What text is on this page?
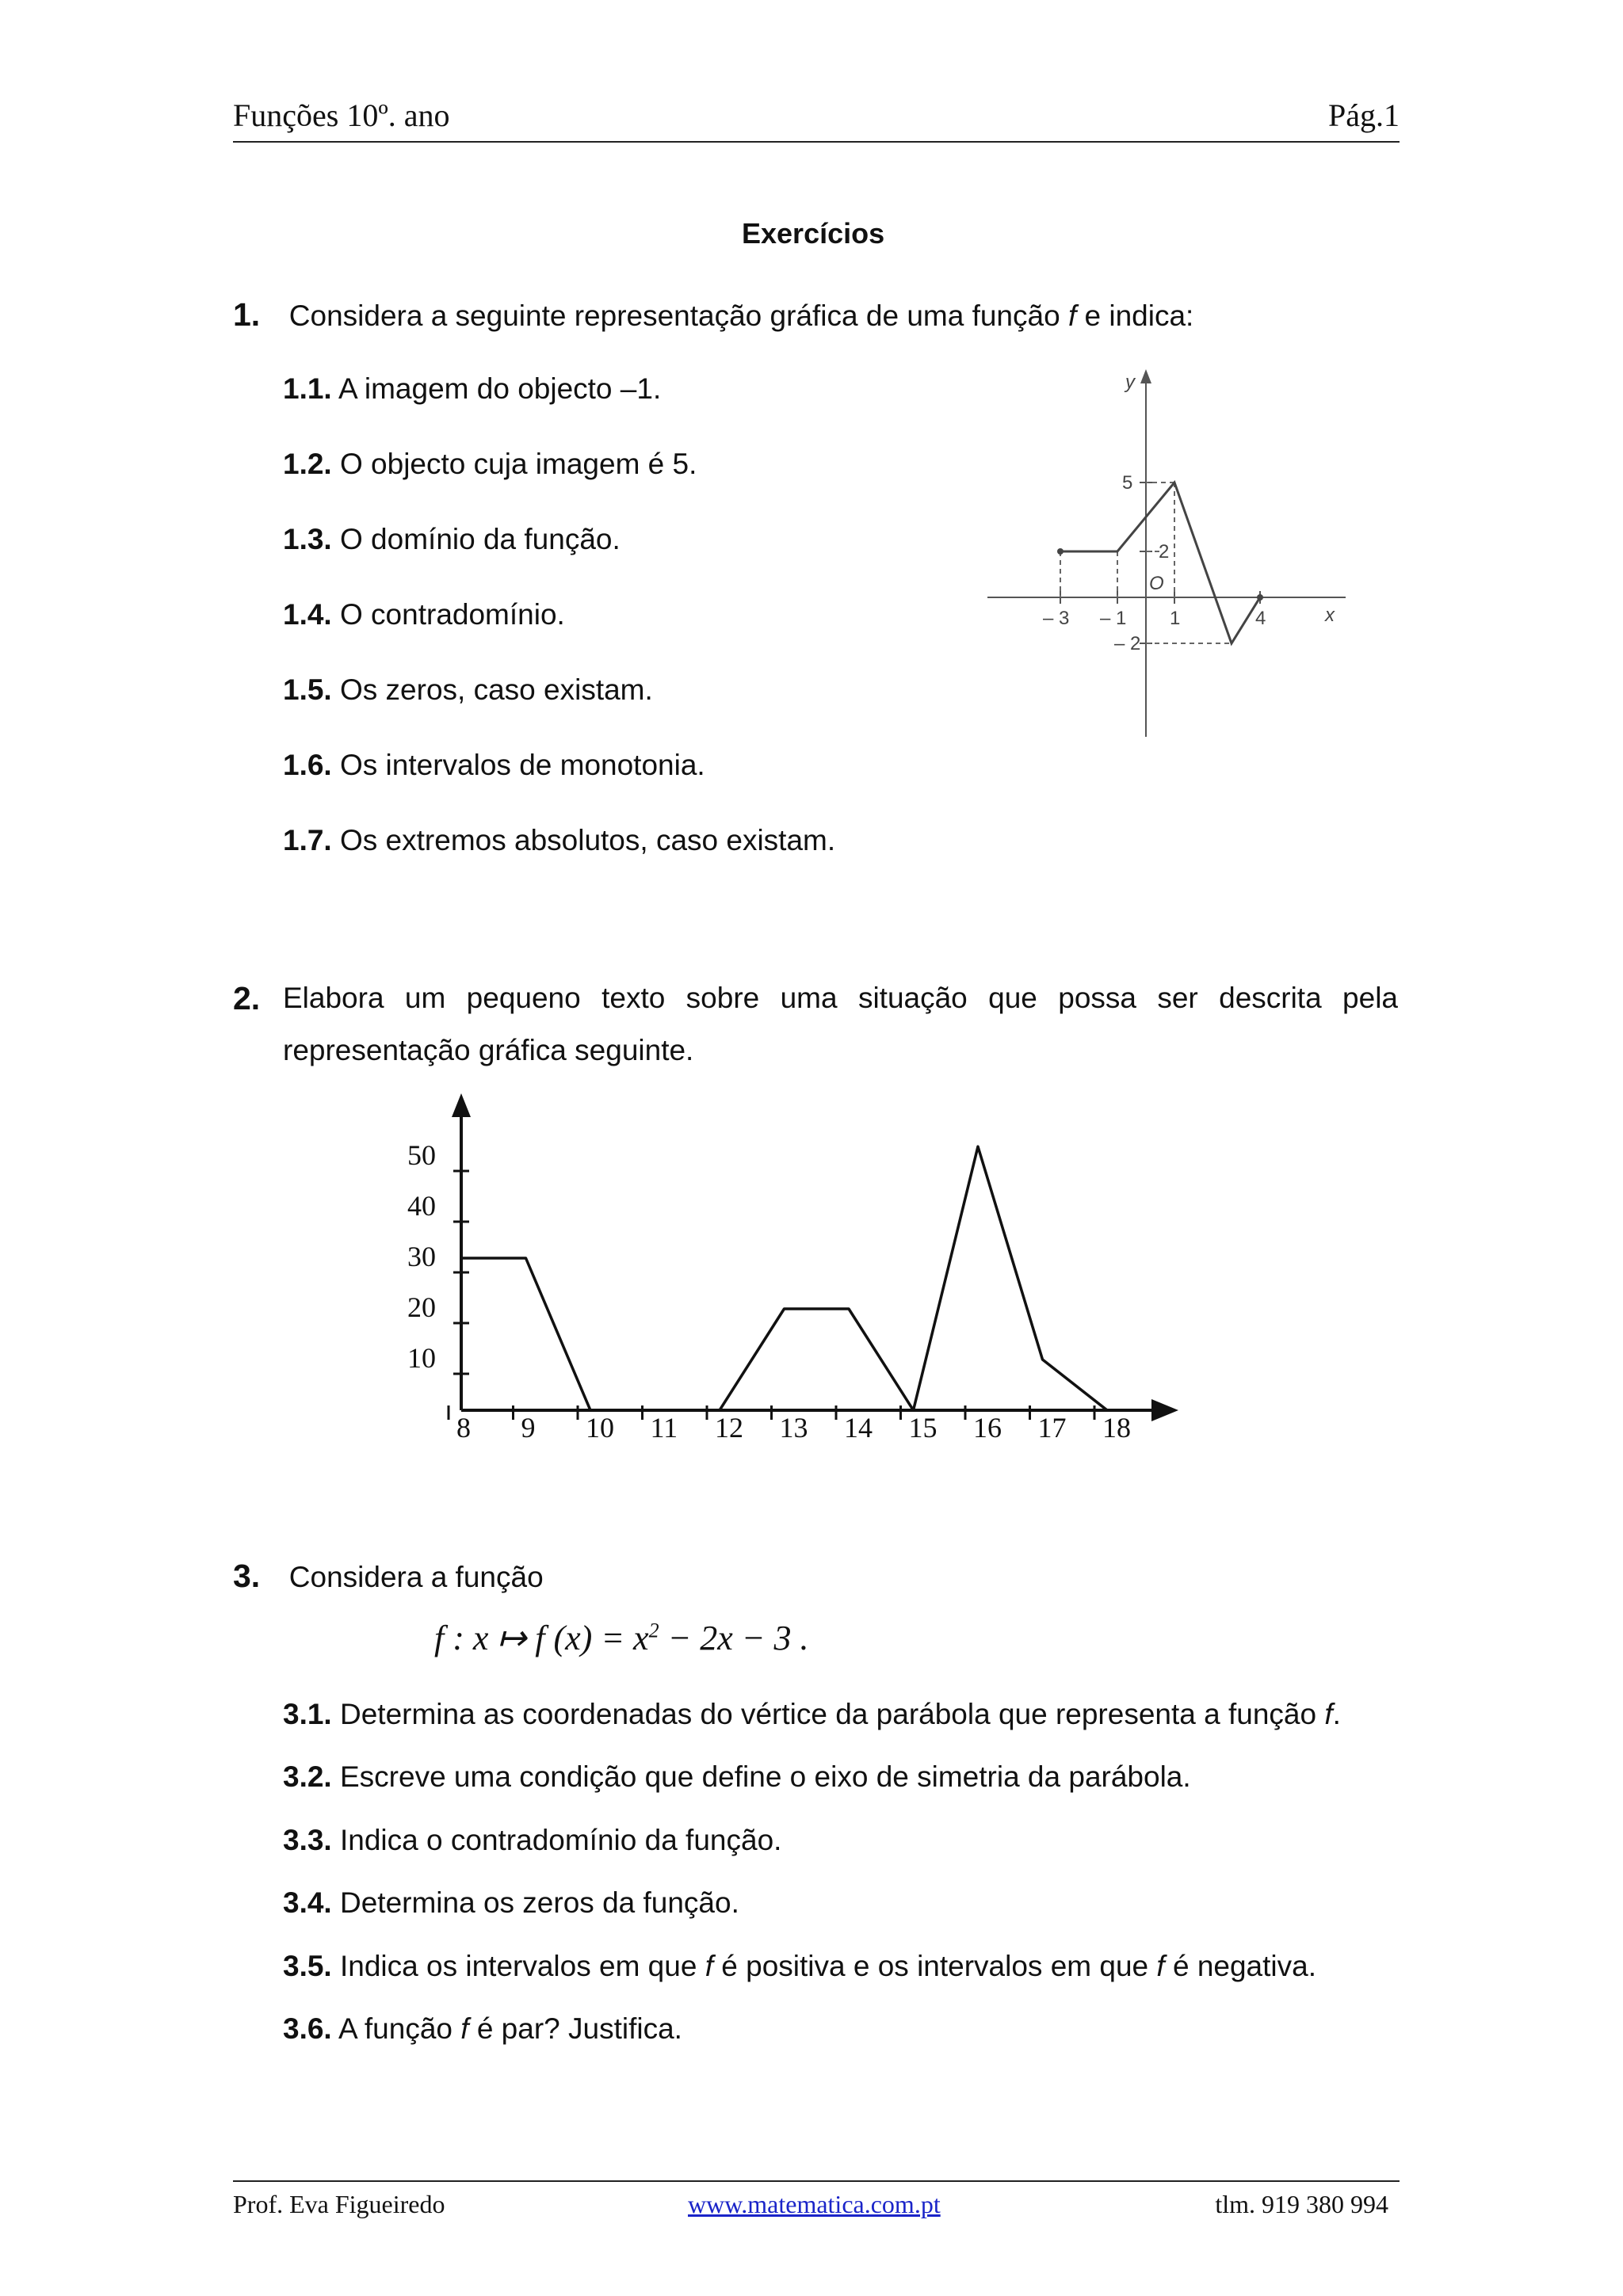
Funções 10º. ano	Pág.1
Exercícios
1. Considera a seguinte representação gráfica de uma função f e indica:
1.1. A imagem do objecto –1.
1.2. O objecto cuja imagem é 5.
1.3. O domínio da função.
1.4. O contradomínio.
1.5. Os zeros, caso existam.
1.6. Os intervalos de monotonia.
1.7. Os extremos absolutos, caso existam.
y
x
O
– 3 – 1 1	4
5
2
– 2
2. Elabora um pequeno texto sobre uma situação que possa ser descrita pela representação gráfica seguinte.
10
20
30
40
50
8 9 10 11 12 13 14 15 16 17 18
3. Considera a função
f : x ↦ f $(x) = x^2 - 2x - 3$ .
3.1. Determina as coordenadas do vértice da parábola que representa a função f.
3.2. Escreve uma condição que define o eixo de simetria da parábola.
3.3. Indica o contradomínio da função.
3.4. Determina os zeros da função.
3.5. Indica os intervalos em que f é positiva e os intervalos em que f é negativa.
3.6. A função f é par? Justifica.
Prof. Eva Figueiredo	www.matematica.com.pt	tlm. 919 380 994
